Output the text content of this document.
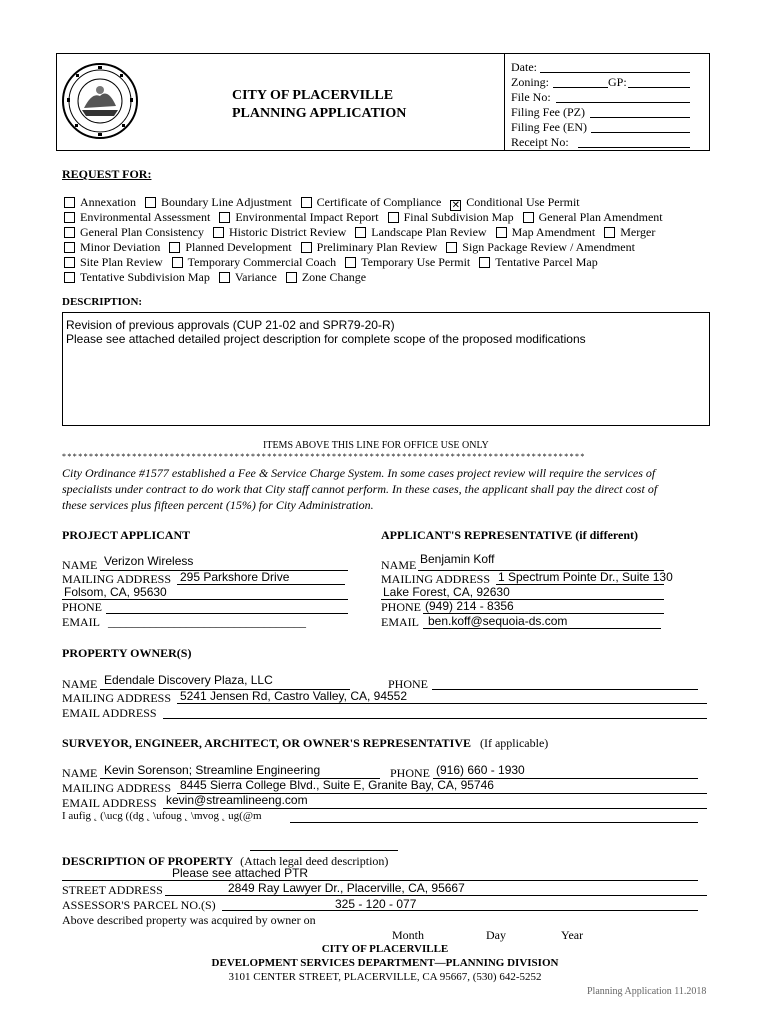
CITY OF PLACERVILLE
PLANNING APPLICATION
Date:
Zoning:	GP:
File No:
Filing Fee (PZ)
Filing Fee (EN)
Receipt No:
REQUEST FOR:
Annexation Boundary Line Adjustment Certificate of Compliance ✕ Conditional Use Permit
Environmental Assessment Environmental Impact Report Final Subdivision Map General Plan Amendment
General Plan Consistency Historic District Review Landscape Plan Review Map Amendment Merger
Minor Deviation Planned Development Preliminary Plan Review Sign Package Review / Amendment
Site Plan Review Temporary Commercial Coach Temporary Use Permit Tentative Parcel Map
Tentative Subdivision Map Variance Zone Change
DESCRIPTION:
Revision of previous approvals (CUP 21-02 and SPR79-20-R)
Please see attached detailed project description for complete scope of the proposed modifications
ITEMS ABOVE THIS LINE FOR OFFICE USE ONLY
* * * * * * * * * * * * * * * * * * * * * * * * * * * * * * * * * * * * * * * * * * * * * * * * * * * * * * * * * * * * * * * * * * * * * * * * * * * * * * * * * * * * * * * * * * * * * * * * *
City Ordinance #1577 established a Fee & Service Charge System. In some cases project review will require the services of
specialists under contract to do work that City staff cannot perform. In these cases, the applicant shall pay the direct cost of
these services plus fifteen percent (15%) for City Administration.
PROJECT APPLICANT
NAME Verizon Wireless
MAILING ADDRESS 295 Parkshore Drive
Folsom, CA, 95630
PHONE
EMAIL _________________________________
APPLICANT'S REPRESENTATIVE (if different)
NAME Benjamin Koff
MAILING ADDRESS 1 Spectrum Pointe Dr., Suite 130
Lake Forest, CA, 92630
PHONE (949) 214 - 8356
EMAIL ben.koff@sequoia-ds.com
PROPERTY OWNER(S)
NAME Edendale Discovery Plaza, LLC	PHONE
MAILING ADDRESS 5241 Jensen Rd, Castro Valley, CA, 94552
EMAIL ADDRESS
SURVEYOR, ENGINEER, ARCHITECT, OR OWNER'S REPRESENTATIVE (If applicable)
NAME Kevin Sorenson; Streamline Engineering	PHONE (916) 660 - 1930
MAILING ADDRESS 8445 Sierra College Blvd., Suite E, Granite Bay, CA, 95746
EMAIL ADDRESS kevin@streamlineeng.com
I aufig ˛ (\ucg ((dg ˛ \ufoug ˛ \mvog ˛ ug(@m
DESCRIPTION OF PROPERTY (Attach legal deed description)
Please see attached PTR
STREET ADDRESS	2849 Ray Lawyer Dr., Placerville, CA, 95667
ASSESSOR'S PARCEL NO.(S)	325 - 120 - 077
Above described property was acquired by owner on
Month	Day	Year
CITY OF PLACERVILLE
DEVELOPMENT SERVICES DEPARTMENT—PLANNING DIVISION
3101 CENTER STREET, PLACERVILLE, CA 95667, (530) 642-5252
Planning Application 11.2018
